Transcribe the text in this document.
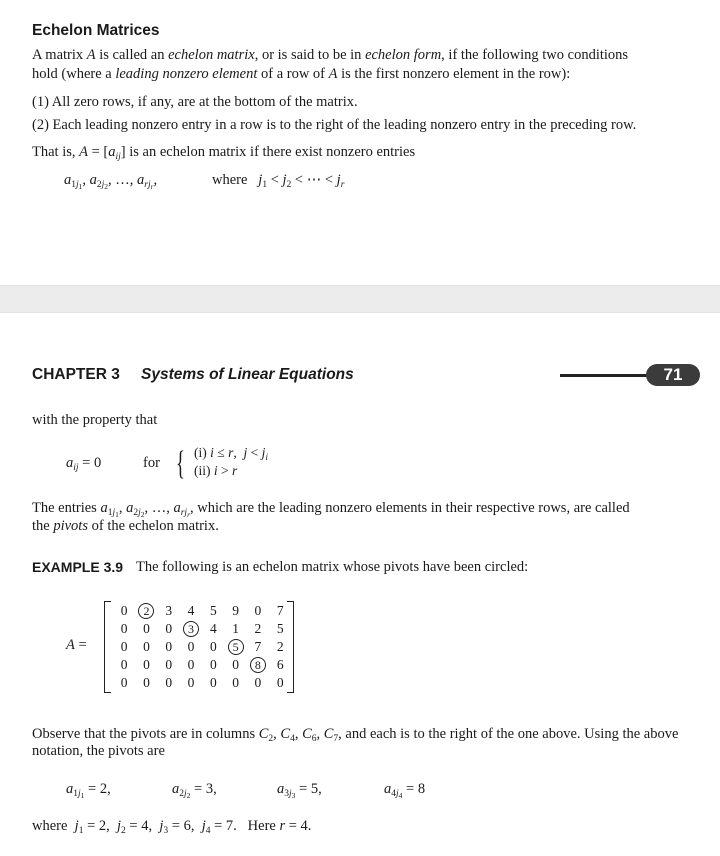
Echelon Matrices
A matrix A is called an echelon matrix, or is said to be in echelon form, if the following two conditions
hold (where a leading nonzero element of a row of A is the first nonzero element in the row):
(1) All zero rows, if any, are at the bottom of the matrix.
(2) Each leading nonzero entry in a row is to the right of the leading nonzero entry in the preceding row.
That is, $A = [a_{ij}]$ is an echelon matrix if there exist nonzero entries
$a_{1j_1}$, $a_{2j_2}$, …, $a_{rj_r}$,	where $j_1 < j_2$ < ⋯ < $j_r$
CHAPTER 3 Systems of Linear Equations	71
with the property that
$a_{ij} = 0$	for { (i) i ≤ r,  $j < j_i$
(ii) i > r
The entries $a_{1j_1}$, $a_{2j_2}$, …, $a_{rj_r}$, which are the leading nonzero elements in their respective rows, are called
the pivots of the echelon matrix.
EXAMPLE 3.9 The following is an echelon matrix whose pivots have been circled:
A =
0	2	3	4	5	9	0	7
0	0	0	3	4	1	2	5
0	0	0	0	0	5	7	2
0	0	0	0	0	0	8	6
0	0	0	0	0	0	0	0
Observe that the pivots are in columns $C_2$, $C_4$, $C_6$, $C_7$, and each is to the right of the one above. Using the above
notation, the pivots are
$a_{1j_1} = 2$,	$a_{2j_2} = 3$,	$a_{3j_3} = 5$,	$a_{4j_4} = 8$
where $j_1 = 2$,  $j_2 = 4$,  $j_3 = 6$,  $j_4 = 7$.   Here r = 4.
